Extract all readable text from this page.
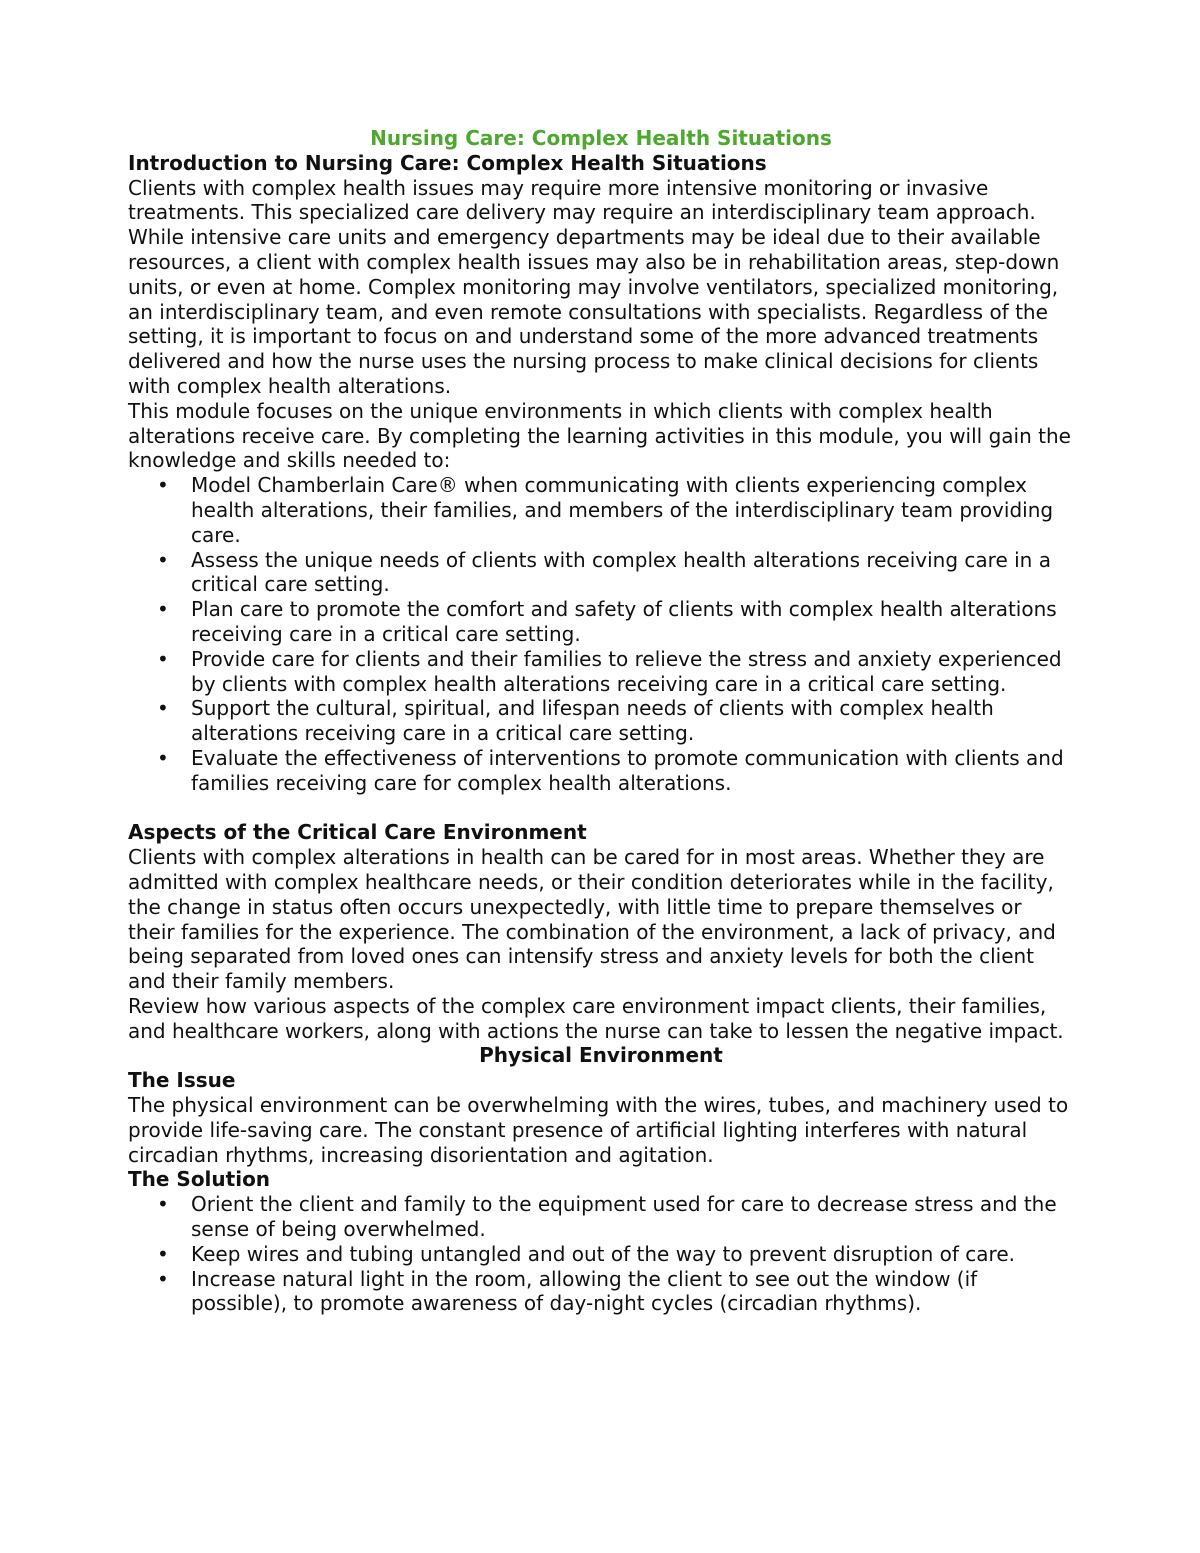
Nursing Care: Complex Health Situations

Introduction to Nursing Care: Complex Health Situations

Clients with complex health issues may require more intensive monitoring or invasive treatments. This specialized care delivery may require an interdisciplinary team approach. While intensive care units and emergency departments may be ideal due to their available resources, a client with complex health issues may also be in rehabilitation areas, step-down units, or even at home. Complex monitoring may involve ventilators, specialized monitoring, an interdisciplinary team, and even remote consultations with specialists. Regardless of the setting, it is important to focus on and understand some of the more advanced treatments delivered and how the nurse uses the nursing process to make clinical decisions for clients with complex health alterations.

This module focuses on the unique environments in which clients with complex health alterations receive care. By completing the learning activities in this module, you will gain the knowledge and skills needed to:

• Model Chamberlain Care® when communicating with clients experiencing complex health alterations, their families, and members of the interdisciplinary team providing care.
• Assess the unique needs of clients with complex health alterations receiving care in a critical care setting.
• Plan care to promote the comfort and safety of clients with complex health alterations receiving care in a critical care setting.
• Provide care for clients and their families to relieve the stress and anxiety experienced by clients with complex health alterations receiving care in a critical care setting.
• Support the cultural, spiritual, and lifespan needs of clients with complex health alterations receiving care in a critical care setting.
• Evaluate the effectiveness of interventions to promote communication with clients and families receiving care for complex health alterations.
Aspects of the Critical Care Environment

Clients with complex alterations in health can be cared for in most areas. Whether they are admitted with complex healthcare needs, or their condition deteriorates while in the facility, the change in status often occurs unexpectedly, with little time to prepare themselves or their families for the experience. The combination of the environment, a lack of privacy, and being separated from loved ones can intensify stress and anxiety levels for both the client and their family members.

Review how various aspects of the complex care environment impact clients, their families, and healthcare workers, along with actions the nurse can take to lessen the negative impact.

Physical Environment
The Issue

The physical environment can be overwhelming with the wires, tubes, and machinery used to provide life-saving care. The constant presence of artificial lighting interferes with natural circadian rhythms, increasing disorientation and agitation.

The Solution
• Orient the client and family to the equipment used for care to decrease stress and the sense of being overwhelmed.
• Keep wires and tubing untangled and out of the way to prevent disruption of care.
• Increase natural light in the room, allowing the client to see out the window (if possible), to promote awareness of day-night cycles (circadian rhythms).
